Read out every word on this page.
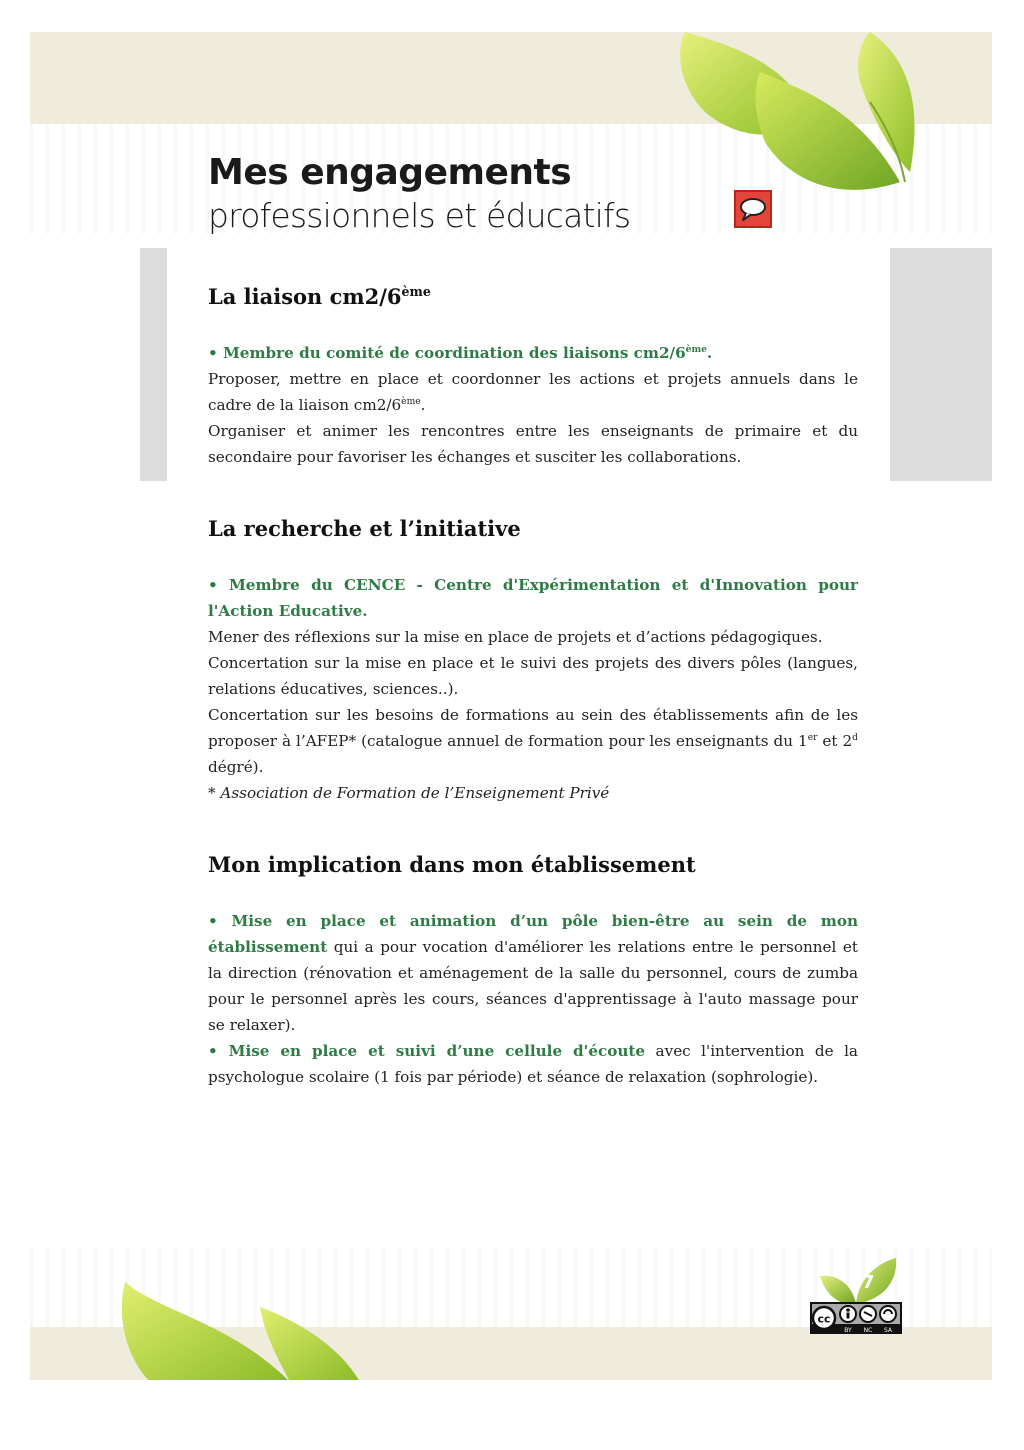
Mes engagements
professionnels et éducatifs
La liaison cm2/6ème

• Membre du comité de coordination des liaisons cm2/6ème.

Proposer, mettre en place et coordonner les actions et projets annuels dans le cadre de la liaison cm2/6ème.

Organiser et animer les rencontres entre les enseignants de primaire et du secondaire pour favoriser les échanges et susciter les collaborations.

La recherche et l’initiative

• Membre du CENCE - Centre d'Expérimentation et d'Innovation pour l'Action Educative.

Mener des réflexions sur la mise en place de projets et d’actions pédagogiques.

Concertation sur la mise en place et le suivi des projets des divers pôles (langues, relations éducatives, sciences..).

Concertation sur les besoins de formations au sein des établissements afin de les proposer à l’AFEP* (catalogue annuel de formation pour les enseignants du 1er et 2$^d$ dégré).

* Association de Formation de l’Enseignement Privé

Mon implication dans mon établissement

• Mise en place et animation d’un pôle bien-être au sein de mon établissement qui a pour vocation d'améliorer les relations entre le personnel et la direction (rénovation et aménagement de la salle du personnel, cours de zumba pour le personnel après les cours, séances d'apprentissage à l'auto massage pour se relaxer).

• Mise en place et suivi d’une cellule d'écoute avec l'intervention de la psychologue scolaire (1 fois par période) et séance de relaxation (sophrologie).

7
cc
BY NC SA
